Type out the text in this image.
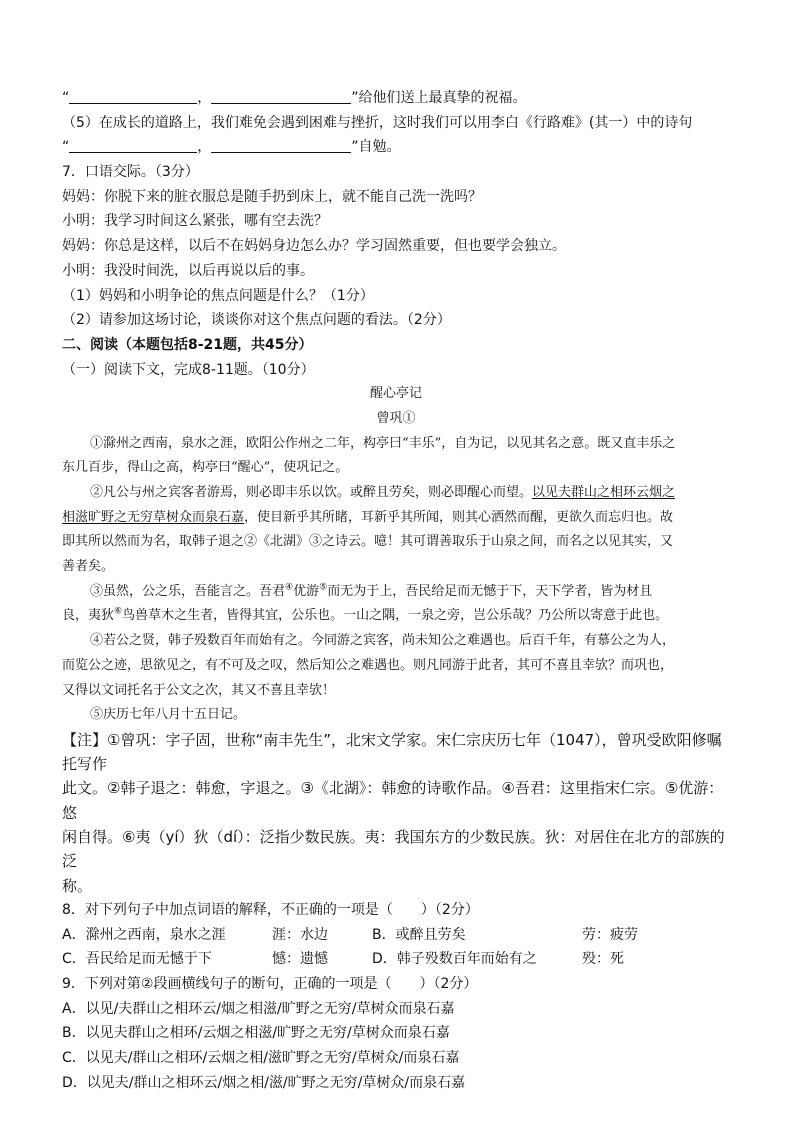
“	，	”给他们送上最真挚的祝福。
（5）在成长的道路上，我们难免会遇到困难与挫折，这时我们可以用李白《行路难》(其一）中的诗句
“	，	”自勉。
7．口语交际。（3分）
妈妈：你脱下来的脏衣服总是随手扔到床上，就不能自己洗一洗吗？
小明：我学习时间这么紧张，哪有空去洗？
妈妈：你总是这样，以后不在妈妈身边怎么办？学习固然重要，但也要学会独立。
小明：我没时间洗，以后再说以后的事。
（1）妈妈和小明争论的焦点问题是什么？（1分）
（2）请参加这场讨论，谈谈你对这个焦点问题的看法。（2分）
二、阅读（本题包括8-21题，共45分）
（一）阅读下文，完成8-11题。（10分）
醒心亭记
曾巩①
①滁州之西南，泉水之涯，欧阳公作州之二年，构亭曰“丰乐”，自为记，以见其名之意。既又直丰乐之
东几百步，得山之高，构亭曰“醒心”，使巩记之。
②凡公与州之宾客者游焉，则必即丰乐以饮。或醉且劳矣，则必即醒心而望。以见夫群山之相环云烟之
相滋旷野之无穷草树众而泉石嘉，使目新乎其所睹，耳新乎其所闻，则其心洒然而醒，更欲久而忘归也。故
即其所以然而为名，取韩子退之②《北湖》③之诗云。噫！其可谓善取乐于山泉之间，而名之以见其实，又
善者矣。
③虽然，公之乐，吾能言之。吾君④优游⑤而无为于上，吾民给足而无憾于下，天下学者，皆为材且
良，夷狄⑥鸟兽草木之生者，皆得其宜，公乐也。一山之隅，一泉之旁，岂公乐哉？乃公所以寄意于此也。
④若公之贤，韩子殁数百年而始有之。今同游之宾客，尚未知公之难遇也。后百千年，有慕公之为人，
而览公之迹，思欲见之，有不可及之叹，然后知公之难遇也。则凡同游于此者，其可不喜且幸欤？而巩也，
又得以文词托名于公文之次，其又不喜且幸欤！
⑤庆历七年八月十五日记。
【注】①曾巩：字子固，世称“南丰先生”，北宋文学家。宋仁宗庆历七年（1047），曾巩受欧阳修嘱托写作
此文。②韩子退之：韩愈，字退之。③《北湖》：韩愈的诗歌作品。④吾君：这里指宋仁宗。⑤优游：悠
闲自得。⑥夷（yí）狄（dí）：泛指少数民族。夷：我国东方的少数民族。狄：对居住在北方的部族的泛
称。
8．对下列句子中加点词语的解释，不正确的一项是（　　）（2分）
A．滁州之西南，泉水之涯	涯：水边	B．或醉且劳矣	劳：疲劳
C．吾民给足而无憾于下	憾：遗憾	D．韩子殁数百年而始有之	殁：死
9．下列对第②段画横线句子的断句，正确的一项是（　　）（2分）
A．以见/夫群山之相环云/烟之相滋/旷野之无穷/草树众而泉石嘉
B．以见夫群山之相环/云烟之相滋/旷野之无穷/草树众而泉石嘉
C．以见夫/群山之相环/云烟之相/滋旷野之无穷/草树众/而泉石嘉
D．以见夫/群山之相环云/烟之相/滋/旷野之无穷/草树众/而泉石嘉
